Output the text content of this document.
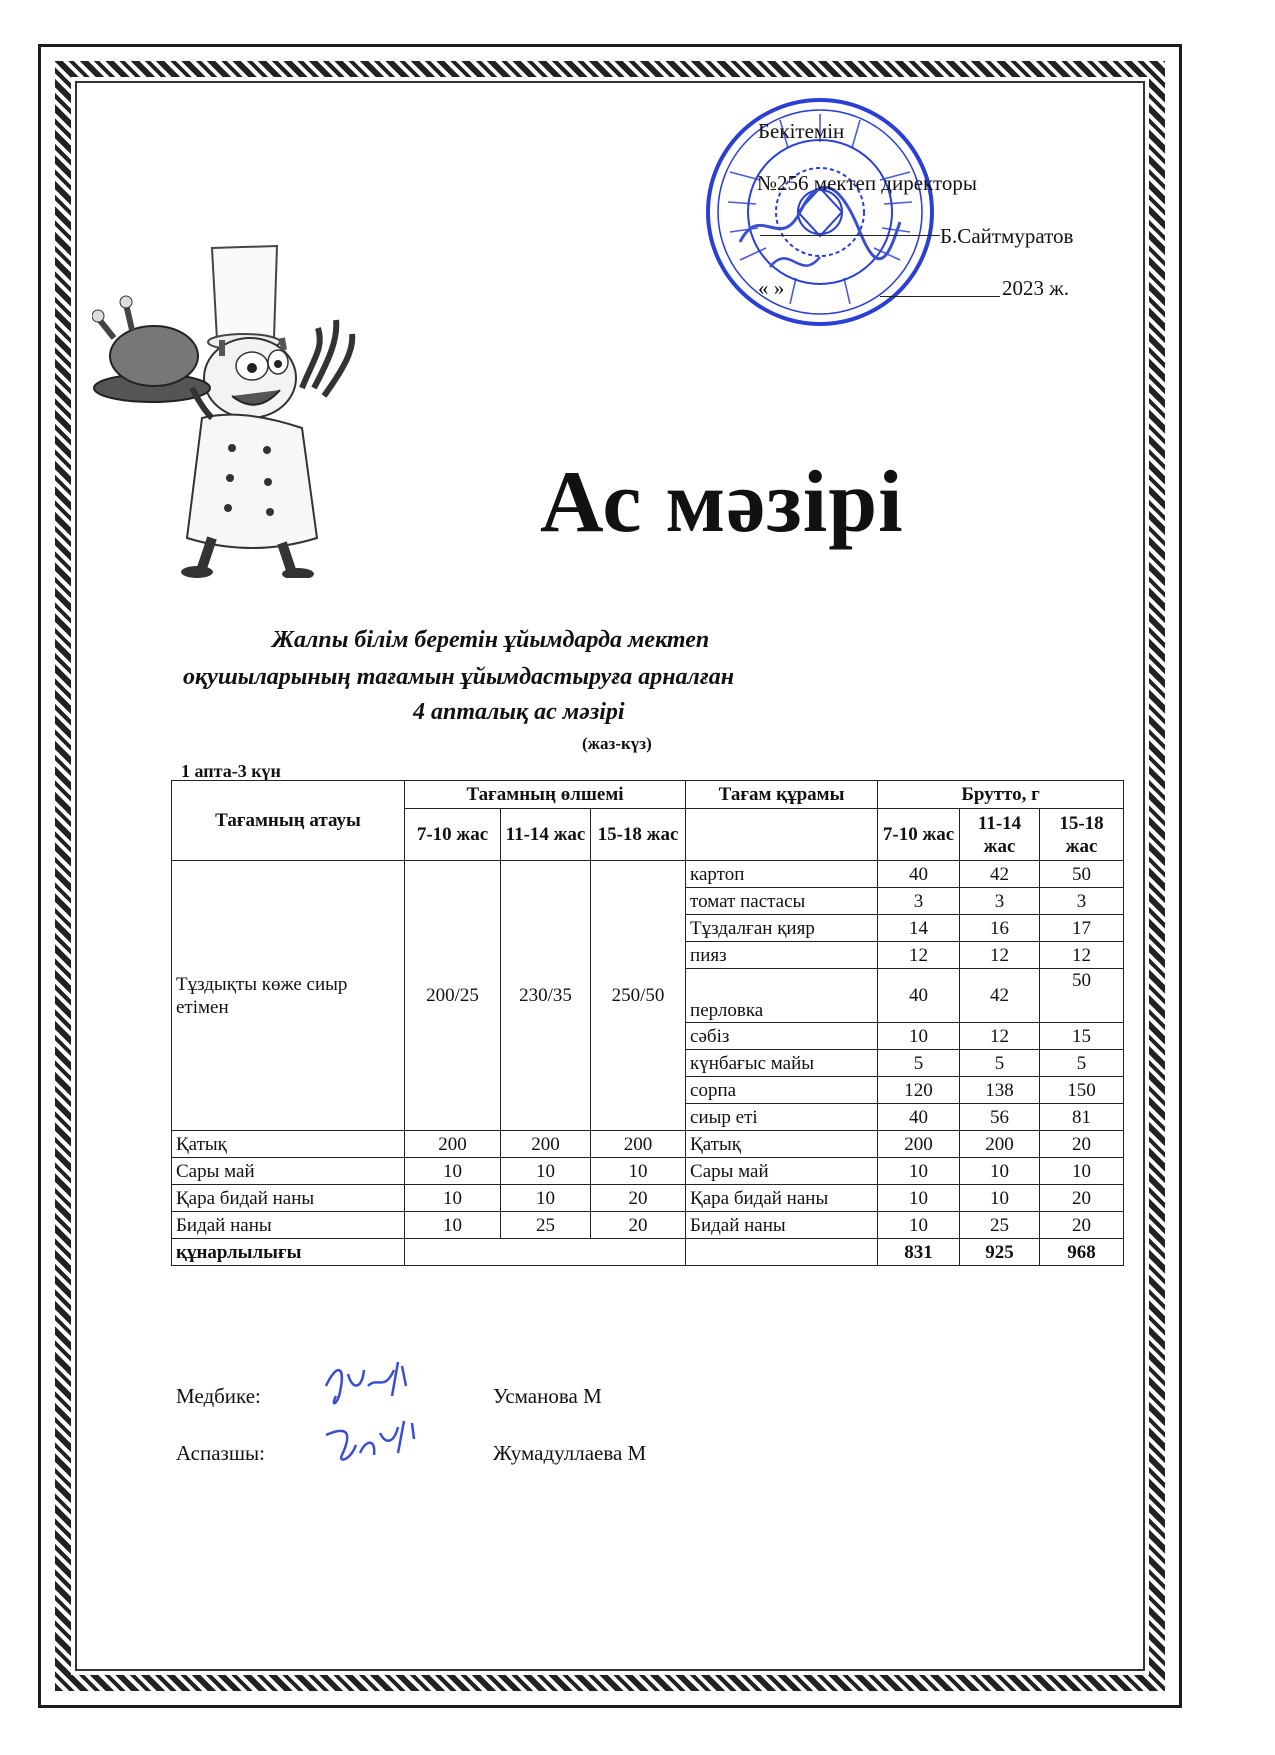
Бекітемін
№256 мектеп директоры
Б.Сайтмуратов
« »	2023 ж.
Ас мәзірі
Жалпы білім беретін ұйымдарда мектеп
оқушыларының тағамын ұйымдастыруға арналған
4 апталық ас мәзірі
(жаз-күз)
1 апта-3 күн
Тағамның атауы	Тағамның өлшемі			Тағам құрамы	Брутто, г		
	7-10 жас	11-14 жас	15-18 жас		7-10 жас	11-14 жас	15-18 жас
Тұздықты көже сиыр етімен	200/25	230/35	250/50	картоп	40	42	50
				томат пастасы	3	3	3
				Тұздалған қияр	14	16	17
				пияз	12	12	12
				перловка	40	42	50
				сәбіз	10	12	15
				күнбағыс майы	5	5	5
				сорпа	120	138	150
				сиыр еті	40	56	81
Қатық	200	200	200	Қатық	200	200	20
Сары май	10	10	10	Сары май	10	10	10
Қара бидай наны	10	10	20	Қара бидай наны	10	10	20
Бидай наны	10	25	20	Бидай наны	10	25	20
құнарлылығы					831	925	968
Медбике:	Усманова М
Аспазшы:	Жумадуллаева М
